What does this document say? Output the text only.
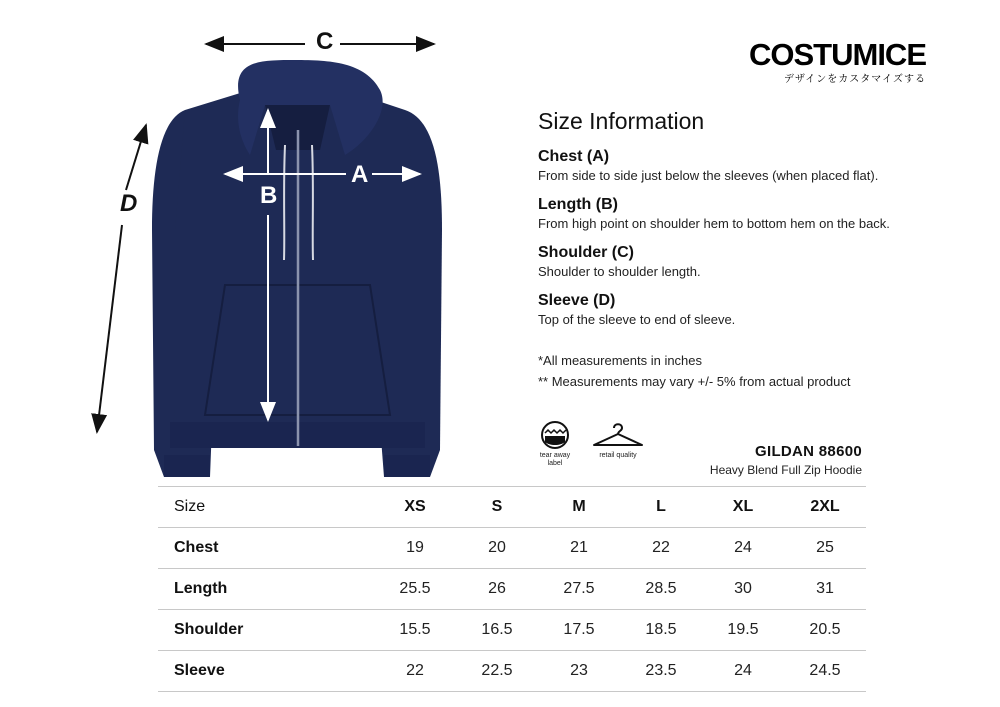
C
A
B
D
COSTUMICE
デザインをカスタマイズする
Size Information
Chest (A)
From side to side just below the sleeves (when placed flat).
Length (B)
From high point on shoulder hem to bottom hem on the back.
Shoulder (C)
Shoulder to shoulder length.
Sleeve (D)
Top of the sleeve to end of sleeve.
*All measurements in inches
** Measurements may vary +/- 5% from actual product
tear away label
retail quality	GILDAN 88600
Heavy Blend Full Zip Hoodie
Size	XS	S	M	L	XL	2XL
Chest	19	20	21	22	24	25
Length	25.5	26	27.5	28.5	30	31
Shoulder	15.5	16.5	17.5	18.5	19.5	20.5
Sleeve	22	22.5	23	23.5	24	24.5
